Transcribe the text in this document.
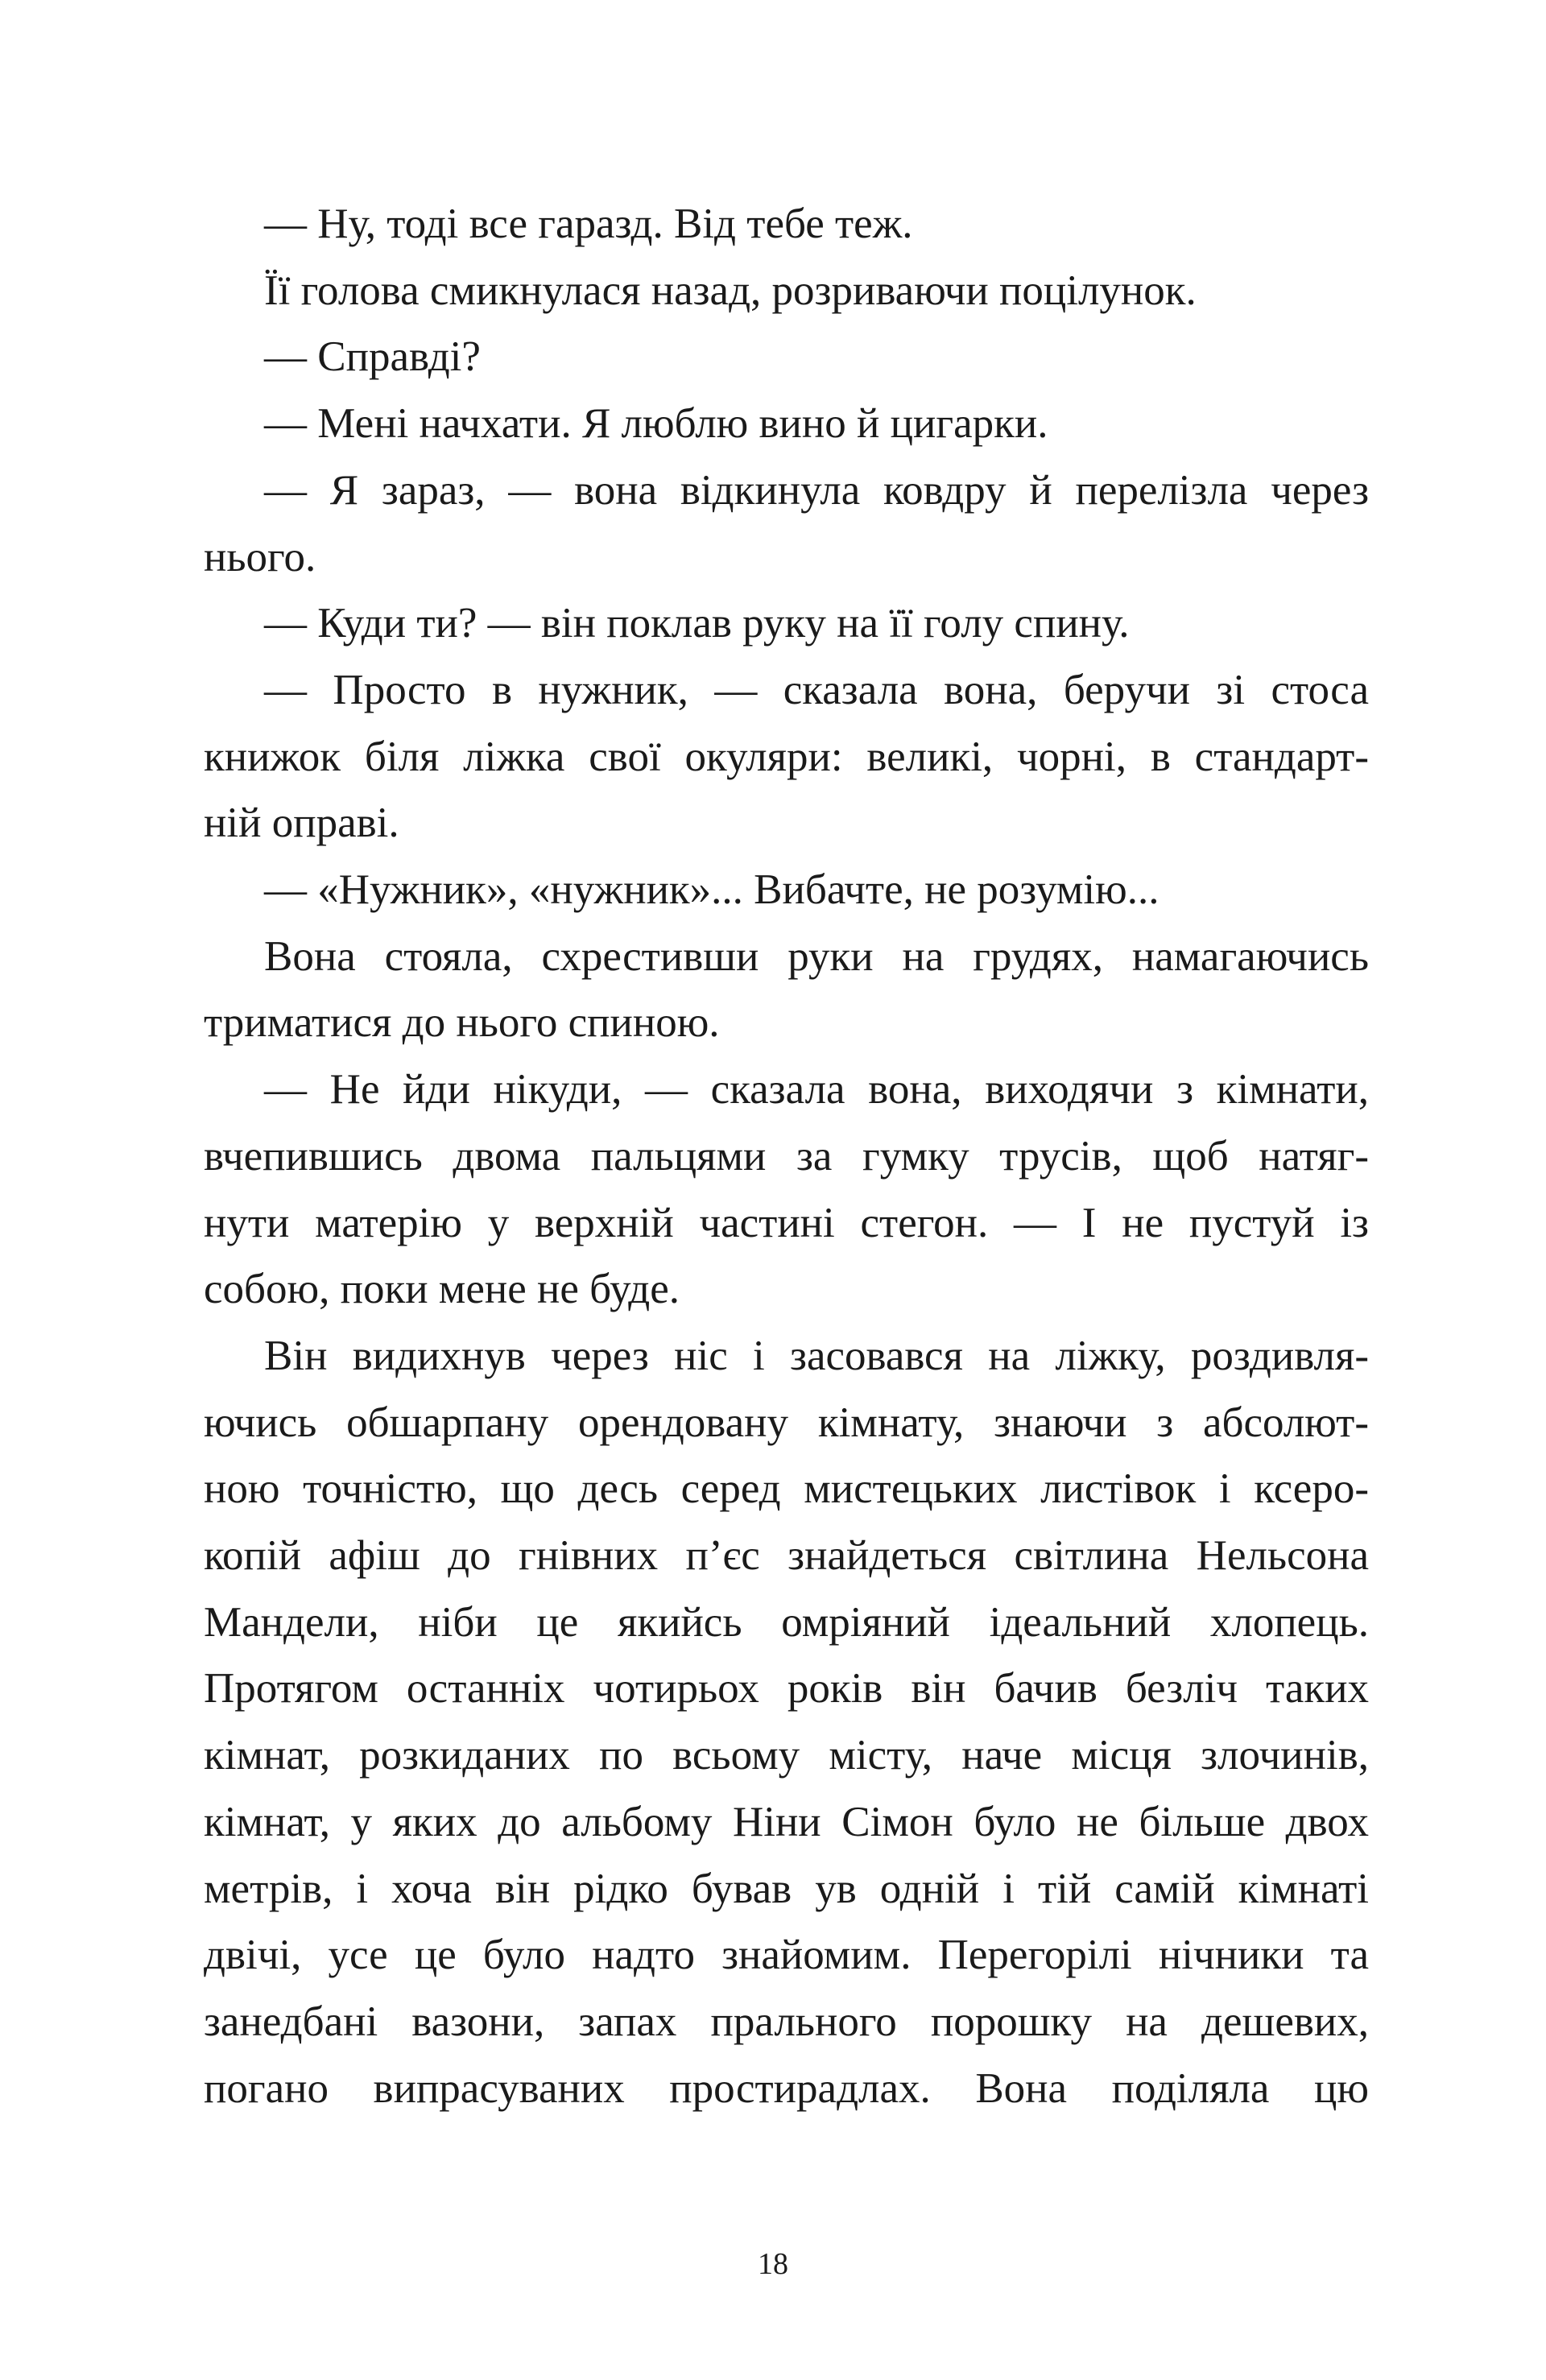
— Ну, тоді все гаразд. Від тебе теж.
Її голова смикнулася назад, розриваючи поцілунок.
— Справді?
— Мені начхати. Я люблю вино й цигарки.
— Я зараз, — вона відкинула ковдру й перелізла через
нього.
— Куди ти? — він поклав руку на її голу спину.
— Просто в нужник, — сказала вона, беручи зі стоса
книжок біля ліжка свої окуляри: великі, чорні, в стандарт-
ній оправі.
— «Нужник», «нужник»... Вибачте, не розумію...
Вона стояла, схрестивши руки на грудях, намагаючись
триматися до нього спиною.
— Не йди нікуди, — сказала вона, виходячи з кімнати,
вчепившись двома пальцями за гумку трусів, щоб натяг-
нути матерію у верхній частині стегон. — І не пустуй із
собою, поки мене не буде.
Він видихнув через ніс і засовався на ліжку, роздивля-
ючись обшарпану орендовану кімнату, знаючи з абсолют-
ною точністю, що десь серед мистецьких листівок і ксеро-
копій афіш до гнівних п’єс знайдеться світлина Нельсона
Мандели, ніби це якийсь омріяний ідеальний хлопець.
Протягом останніх чотирьох років він бачив безліч таких
кімнат, розкиданих по всьому місту, наче місця злочинів,
кімнат, у яких до альбому Ніни Сімон було не більше двох
метрів, і хоча він рідко бував ув одній і тій самій кімнаті
двічі, усе це було надто знайомим. Перегорілі нічники та
занедбані вазони, запах прального порошку на дешевих,
погано випрасуваних простирадлах. Вона поділяла цю
18
